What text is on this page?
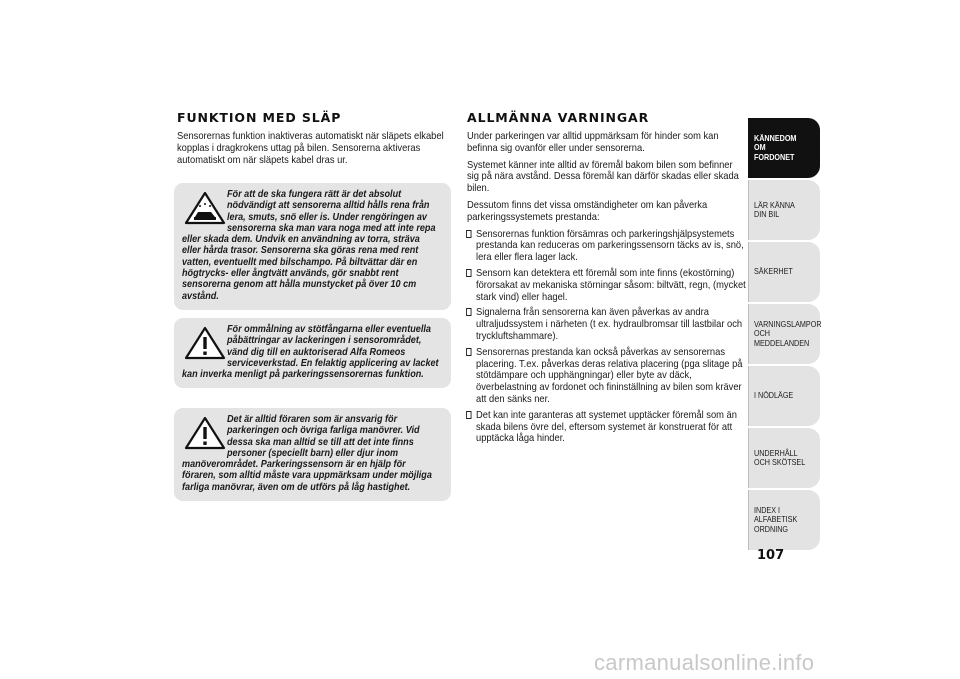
FUNKTION MED SLÄP

Sensorernas funktion inaktiveras automatiskt när släpets elkabel kopplas i dragkrokens uttag på bilen. Sensorerna aktiveras automatiskt om när släpets kabel dras ur.

För att de ska fungera rätt är det absolut nödvändigt att sensorerna alltid hålls rena från lera, smuts, snö eller is. Under rengöringen av sensorerna ska man vara noga med att inte repa eller skada dem. Undvik en användning av torra, sträva eller hårda trasor. Sensorerna ska göras rena med rent vatten, eventuellt med bilschampo. På biltvättar där en högtrycks- eller ångtvätt används, gör snabbt rent sensorerna genom att hålla munstycket på över 10 cm avstånd.
För ommålning av stötfångarna eller eventuella påbättringar av lackeringen i sensorområdet, vänd dig till en auktoriserad Alfa Romeos serviceverkstad. En felaktig applicering av lacket kan inverka menligt på parkeringssensorernas funktion.
Det är alltid föraren som är ansvarig för parkeringen och övriga farliga manövrer. Vid dessa ska man alltid se till att det inte finns personer (speciellt barn) eller djur inom manöverområdet. Parkeringssensorn är en hjälp för föraren, som alltid måste vara uppmärksam under möjliga farliga manövrar, även om de utförs på låg hastighet.
ALLMÄNNA VARNINGAR

Under parkeringen var alltid uppmärksam för hinder som kan befinna sig ovanför eller under sensorerna.

Systemet känner inte alltid av föremål bakom bilen som befinner sig på nära avstånd. Dessa föremål kan därför skadas eller skada bilen.

Dessutom finns det vissa omständigheter om kan påverka parkeringssystemets prestanda:

Sensorernas funktion försämras och parkeringshjälpsystemets prestanda kan reduceras om parkeringssensorn täcks av is, snö, lera eller flera lager lack.
Sensorn kan detektera ett föremål som inte finns (ekostörning) förorsakat av mekaniska störningar såsom: biltvätt, regn, (mycket stark vind) eller hagel.
Signalerna från sensorerna kan även påverkas av andra ultraljudssystem i närheten (t ex. hydraulbromsar till lastbilar och tryckluftshammare).
Sensorernas prestanda kan också påverkas av sensorernas placering. T.ex. påverkas deras relativa placering (pga slitage på stötdämpare och upphängningar) eller byte av däck, överbelastning av fordonet och fininställning av bilen som kräver att den sänks ner.
Det kan inte garanteras att systemet upptäcker föremål som än skada bilens övre del, eftersom systemet är konstruerat för att upptäcka låga hinder.
KÄNNEDOM OM FORDONET
LÄR KÄNNA DIN BIL
SÄKERHET
VARNINGSLAMPOR OCH MEDDELANDEN
I NÖDLÄGE
UNDERHÅLL OCH SKÖTSEL
INDEX I ALFABETISK ORDNING
107
carmanualsonline.info
